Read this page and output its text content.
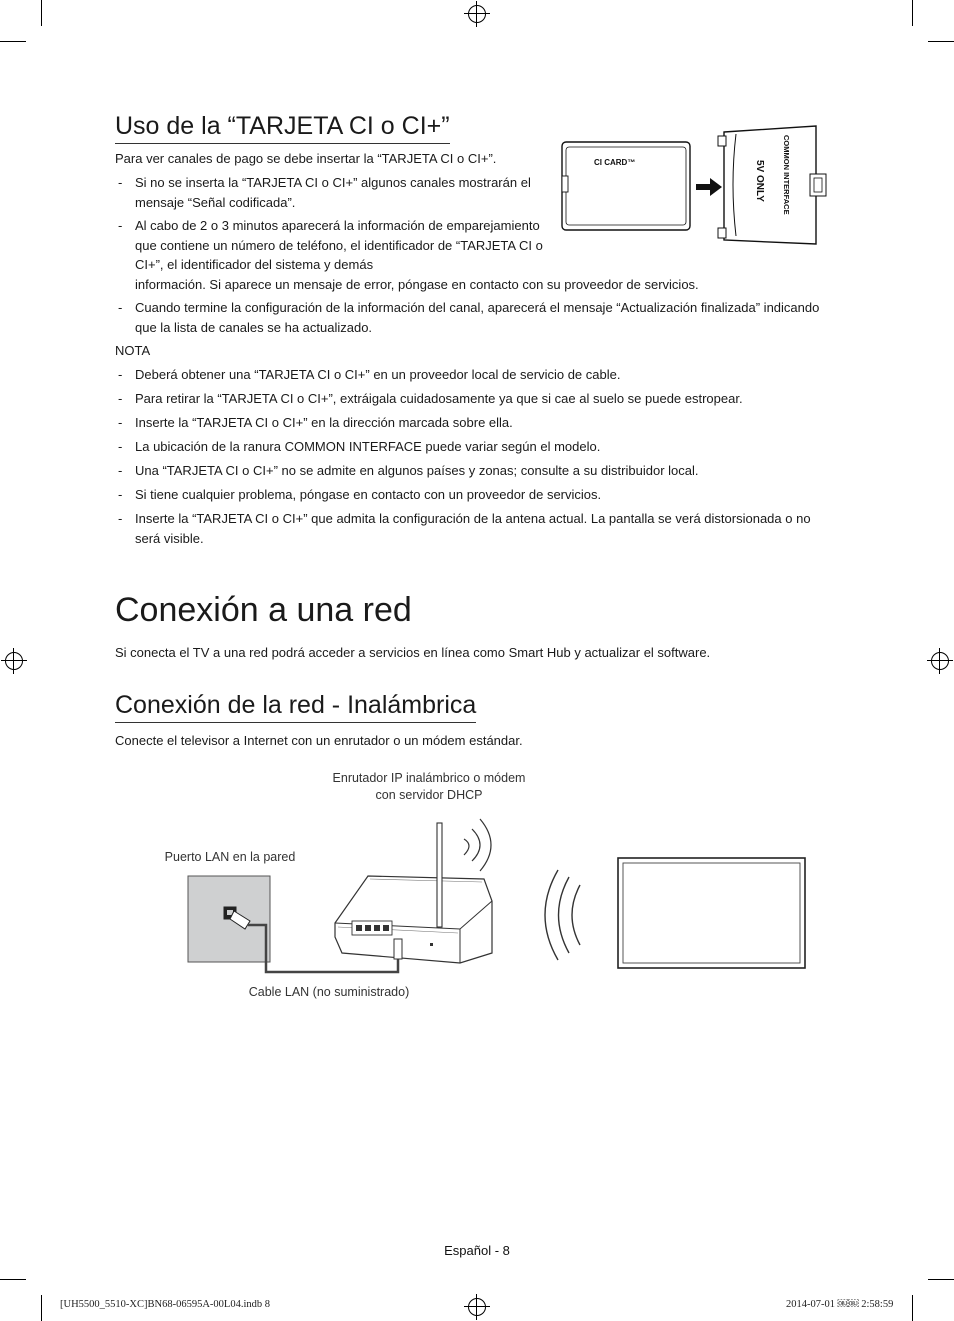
Uso de la “TARJETA CI o CI+”
Para ver canales de pago se debe insertar la “TARJETA CI o CI+”.	CI CARD™	COMMON INTERFACE
5V ONLY
- Si no se inserta la “TARJETA CI o CI+” algunos canales mostrarán el mensaje “Señal codificada”.
- Al cabo de 2 o 3 minutos aparecerá la información de emparejamiento que contiene un número de teléfono, el identificador de “TARJETA CI o CI+”, el identificador del sistema y demás
información. Si aparece un mensaje de error, póngase en contacto con su proveedor de servicios.
- Cuando termine la configuración de la información del canal, aparecerá el mensaje “Actualización finalizada” indicando que la lista de canales se ha actualizado.
NOTA
- Deberá obtener una “TARJETA CI o CI+” en un proveedor local de servicio de cable.
- Para retirar la “TARJETA CI o CI+”, extráigala cuidadosamente ya que si cae al suelo se puede estropear.
- Inserte la “TARJETA CI o CI+” en la dirección marcada sobre ella.
- La ubicación de la ranura COMMON INTERFACE puede variar según el modelo.
- Una “TARJETA CI o CI+” no se admite en algunos países y zonas; consulte a su distribuidor local.
- Si tiene cualquier problema, póngase en contacto con un proveedor de servicios.
- Inserte la “TARJETA CI o CI+” que admita la configuración de la antena actual. La pantalla se verá distorsionada o no será visible.
Conexión a una red
Si conecta el TV a una red podrá acceder a servicios en línea como Smart Hub y actualizar el software.
Conexión de la red - Inalámbrica
Conecte el televisor a Internet con un enrutador o un módem estándar.
Enrutador IP inalámbrico o módem
con servidor DHCP
Puerto LAN en la pared
Cable LAN (no suministrado)
Español - 8
[UH5500_5510-XC]BN68-06595A-00L04.indb 8	2014-07-01 ￼￼ 2:58:59
